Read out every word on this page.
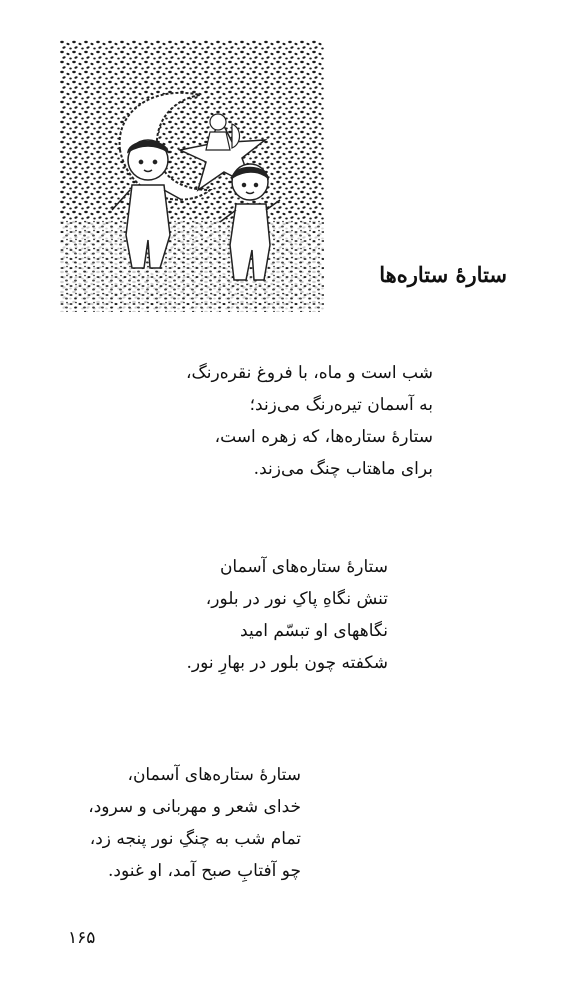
ستارهٔ ستاره‌ها
شب است و ماه، با فروغ نقره‌رنگ،
به آسمان تیره‌رنگ می‌زند؛
ستارهٔ ستاره‌ها، که زهره است،
برای ماهتاب چنگ می‌زند.
ستارهٔ ستاره‌های آسمان
تنش نگاهِ پاکِ نور در بلور،
نگاههای او تبسّم امید
شکفته چون بلور در بهارِ نور.
ستارهٔ ستاره‌های آسمان،
خدای شعر و مهربانی و سرود،
تمام شب به چنگِ نور پنجه زد،
چو آفتابِ صبح آمد، او غنود.
۱۶۵
